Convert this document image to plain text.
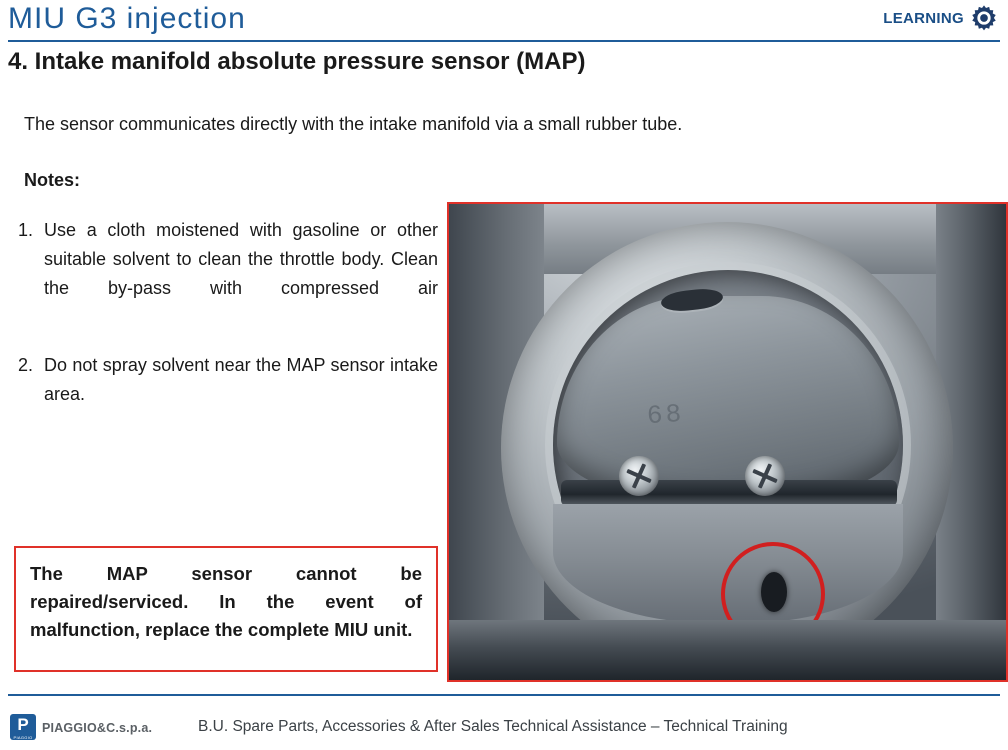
MIU G3 injection	LEARNING
4. Intake manifold absolute pressure sensor (MAP)
The sensor communicates directly with the intake manifold via a small rubber tube.
Notes:
1. Use a cloth moistened with gasoline or other suitable solvent to clean the throttle body. Clean the by-pass with compressed air
2. Do not spray solvent near the MAP sensor intake area.

The MAP sensor cannot be repaired/serviced. In the event of malfunction, replace the complete MIU unit.

68
P
PIAGGIO
PIAGGIO&C.s.p.a.	B.U. Spare Parts, Accessories & After Sales Technical Assistance – Technical Training
